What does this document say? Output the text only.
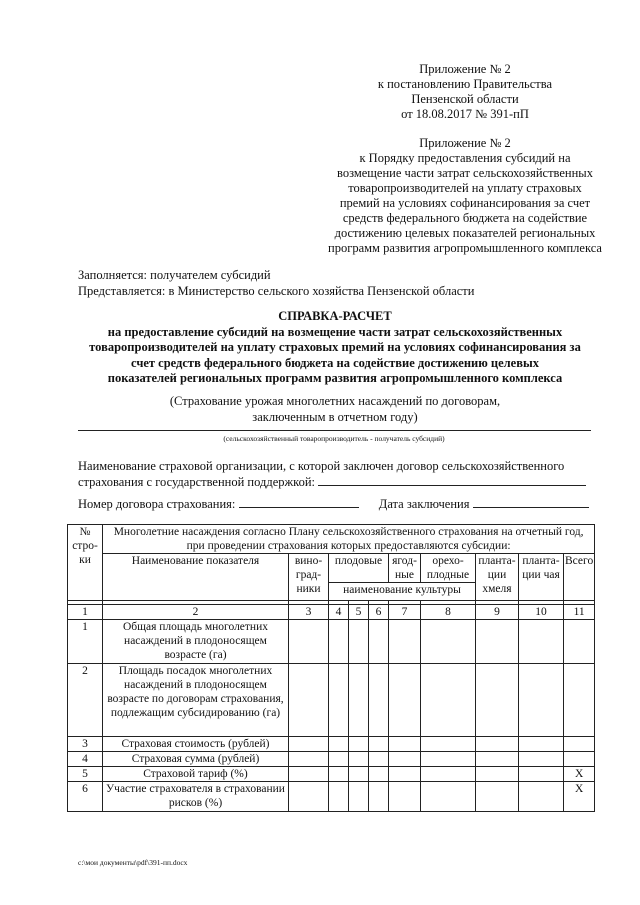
Приложение № 2
к постановлению Правительства
Пензенской области
от 18.08.2017 № 391-пП
Приложение № 2
к Порядку предоставления субсидий на
возмещение части затрат сельскохозяйственных
товаропроизводителей на уплату страховых
премий на условиях софинансирования за счет
средств федерального бюджета на содействие
достижению целевых показателей региональных
программ развития агропромышленного комплекса
Заполняется: получателем субсидий
Представляется: в Министерство сельского хозяйства Пензенской области
СПРАВКА-РАСЧЕТ
на предоставление субсидий на возмещение части затрат сельскохозяйственных
товаропроизводителей на уплату страховых премий на условиях софинансирования за
счет средств федерального бюджета на содействие достижению целевых
показателей региональных программ развития агропромышленного комплекса
(Страхование урожая многолетних насаждений по договорам,
заключенным в отчетном году)
(сельскохозяйственный товаропроизводитель - получатель субсидий)
Наименование страховой организации, с которой заключен договор сельскохозяйственного
страхования с государственной поддержкой:
Номер договора страхования:	Дата заключения
№ стро-ки	Многолетние насаждения согласно Плану сельскохозяйственного страхования на отчетный год, при проведении страхования которых предоставляются субсидии:									
	Наименование показателя	вино-град-ники	плодовые			ягод-ные	орехо-плодные	планта-ции хмеля	планта-ции чая	Всего
			наименование культуры							

1	2	3	4	5	6	7	8	9	10	11
1	Общая площадь многолетних насаждений в плодоносящем возрасте (га)									
2	Площадь посадок многолетних насаждений в плодоносящем возрасте по договорам страхования, подлежащим субсидированию (га)									
3	Страховая стоимость (рублей)									
4	Страховая сумма (рублей)									
5	Страховой тариф (%)									X
6	Участие страхователя в страховании рисков (%)									X
c:\мои документы\pdf\391-пп.docx
